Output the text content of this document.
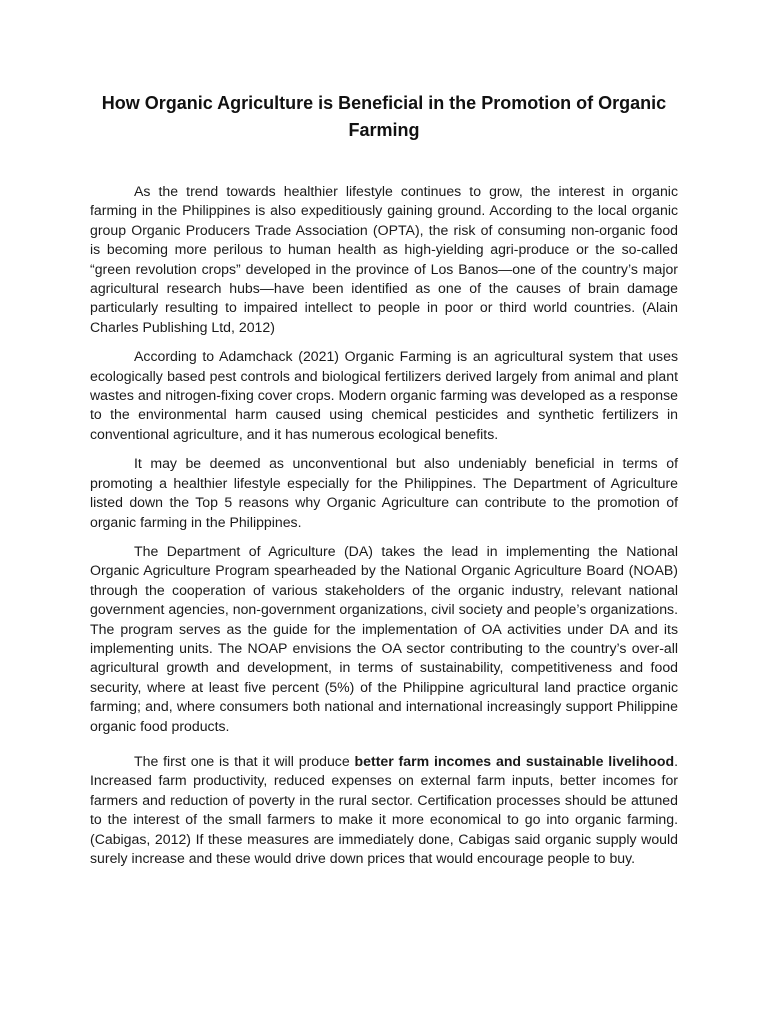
How Organic Agriculture is Beneficial in the Promotion of Organic Farming

As the trend towards healthier lifestyle continues to grow, the interest in organic farming in the Philippines is also expeditiously gaining ground. According to the local organic group Organic Producers Trade Association (OPTA), the risk of consuming non-organic food is becoming more perilous to human health as high-yielding agri-produce or the so-called “green revolution crops” developed in the province of Los Banos—one of the country’s major agricultural research hubs—have been identified as one of the causes of brain damage particularly resulting to impaired intellect to people in poor or third world countries. (Alain Charles Publishing Ltd, 2012)

According to Adamchack (2021) Organic Farming is an agricultural system that uses ecologically based pest controls and biological fertilizers derived largely from animal and plant wastes and nitrogen-fixing cover crops. Modern organic farming was developed as a response to the environmental harm caused using chemical pesticides and synthetic fertilizers in conventional agriculture, and it has numerous ecological benefits.

It may be deemed as unconventional but also undeniably beneficial in terms of promoting a healthier lifestyle especially for the Philippines. The Department of Agriculture listed down the Top 5 reasons why Organic Agriculture can contribute to the promotion of organic farming in the Philippines.

The Department of Agriculture (DA) takes the lead in implementing the National Organic Agriculture Program spearheaded by the National Organic Agriculture Board (NOAB) through the cooperation of various stakeholders of the organic industry, relevant national government agencies, non-government organizations, civil society and people’s organizations. The program serves as the guide for the implementation of OA activities under DA and its implementing units. The NOAP envisions the OA sector contributing to the country’s over-all agricultural growth and development, in terms of sustainability, competitiveness and food security, where at least five percent (5%) of the Philippine agricultural land practice organic farming; and, where consumers both national and international increasingly support Philippine organic food products.

The first one is that it will produce better farm incomes and sustainable livelihood. Increased farm productivity, reduced expenses on external farm inputs, better incomes for farmers and reduction of poverty in the rural sector. Certification processes should be attuned to the interest of the small farmers to make it more economical to go into organic farming. (Cabigas, 2012) If these measures are immediately done, Cabigas said organic supply would surely increase and these would drive down prices that would encourage people to buy.
